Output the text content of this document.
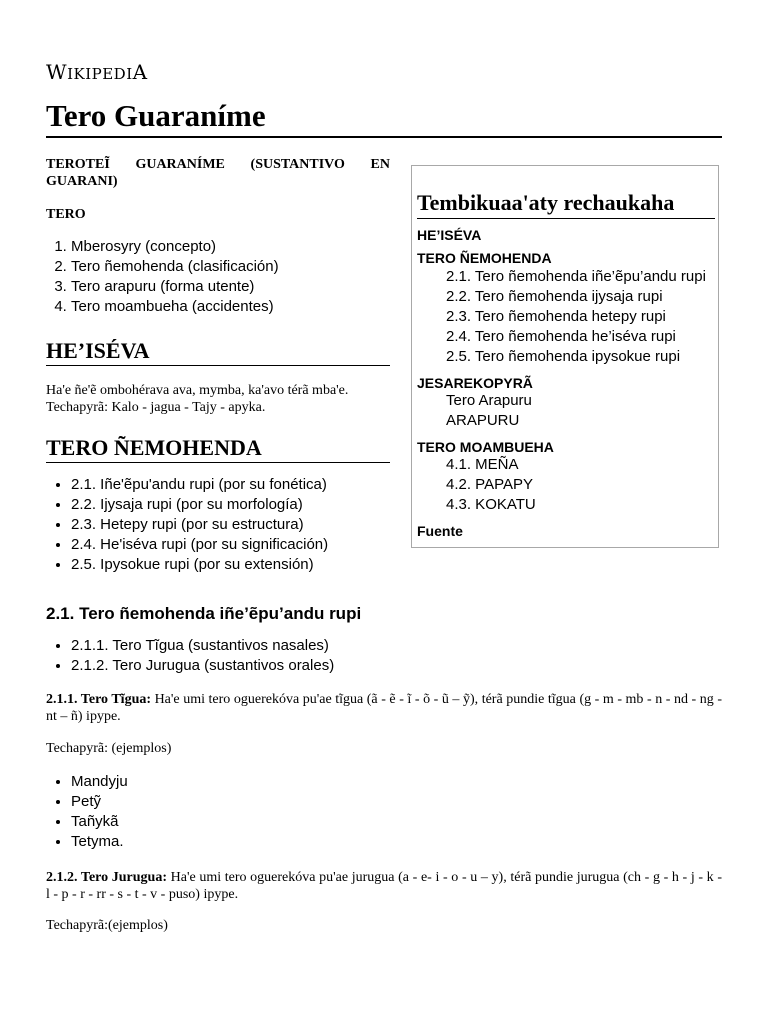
WIKIPEDIA
Tero Guaraníme

TEROTEĨ GUARANÍME (SUSTANTIVO EN GUARANI)

TERO

1. Mberosyry (concepto)
2. Tero ñemohenda (clasificación)
3. Tero arapuru (forma utente)
4. Tero moambueha (accidentes)
HE’ISÉVA

Ha'e ñe'ẽ ombohérava ava, mymba, ka'avo térã mba'e.

Techapyrã: Kalo - jagua - Tajy - apyka.

TERO ÑEMOHENDA
• 2.1. Iñe'ẽpu'andu rupi (por su fonética)
• 2.2. Ijysaja rupi (por su morfología)
• 2.3. Hetepy rupi (por su estructura)
• 2.4. He'iséva rupi (por su significación)
• 2.5. Ipysokue rupi (por su extensión)
Tembikuaa'aty rechaukaha
HE’ISÉVA
TERO ÑEMOHENDA
2.1. Tero ñemohenda iñe’ẽpu’andu rupi
2.2. Tero ñemohenda ijysaja rupi
2.3. Tero ñemohenda hetepy rupi
2.4. Tero ñemohenda he’iséva rupi
2.5. Tero ñemohenda ipysokue rupi
JESAREKOPYRÃ
Tero Arapuru
ARAPURU
TERO MOAMBUEHA
4.1. MEÑA
4.2. PAPAPY
4.3. KOKATU
Fuente
2.1. Tero ñemohenda iñe’ẽpu’andu rupi
• 2.1.1. Tero Tĩgua (sustantivos nasales)
• 2.1.2. Tero Jurugua (sustantivos orales)

2.1.1. Tero Tĩgua: Ha'e umi tero oguerekóva pu'ae tĩgua (ã - ẽ - ĩ - õ - ũ – ỹ), térã pundie tĩgua (g - m - mb - n - nd - ng - nt – ñ) ipype.

Techapyrã: (ejemplos)

• Mandyju
• Petỹ
• Tañykã
• Tetyma.

2.1.2. Tero Jurugua: Ha'e umi tero oguerekóva pu'ae jurugua (a - e- i - o - u – y), térã pundie jurugua (ch - g - h - j - k - l - p - r - rr - s - t - v - puso) ipype.

Techapyrã:(ejemplos)
